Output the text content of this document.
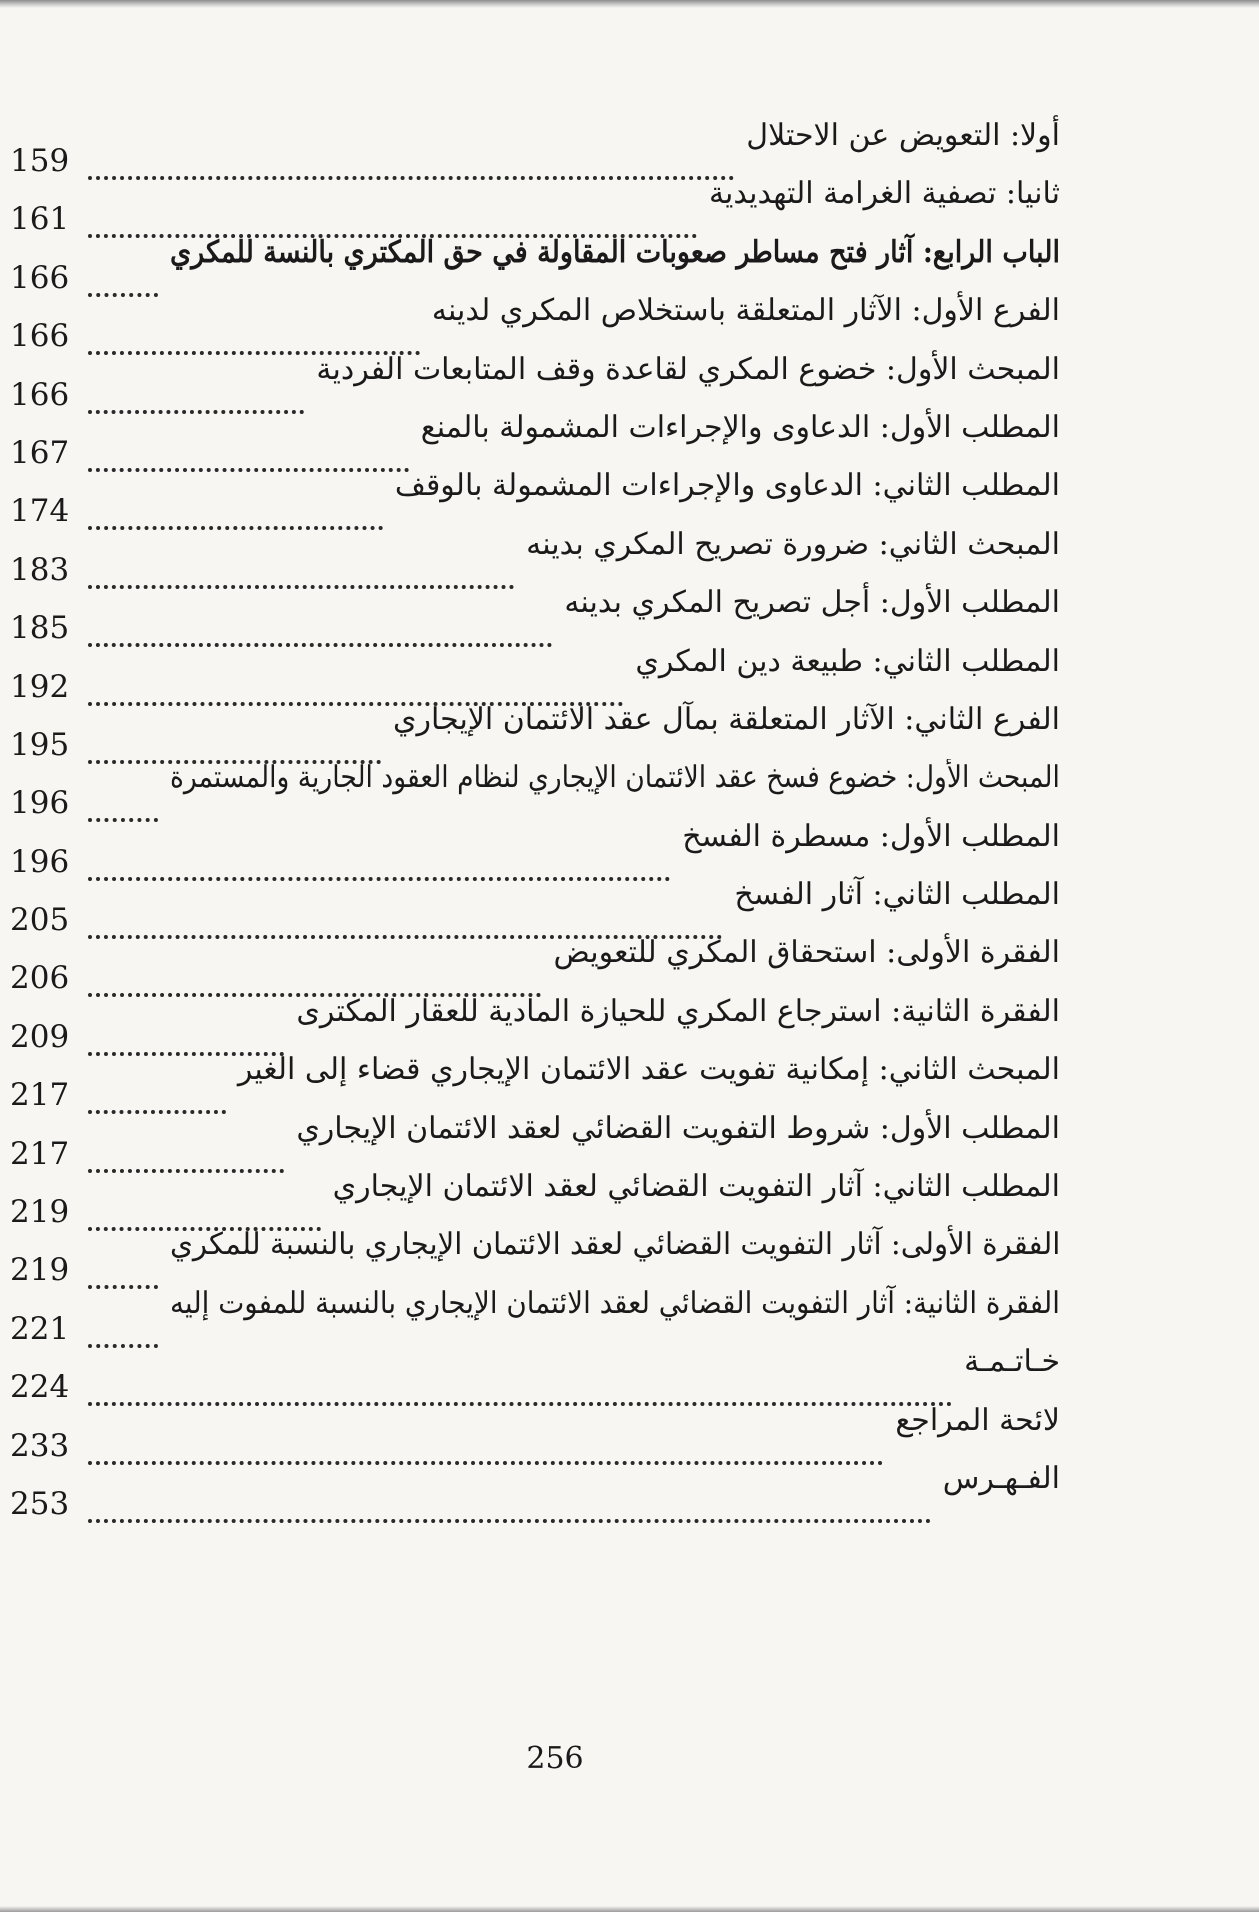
أولا: التعويض عن الاحتلال
159
ثانيا: تصفية الغرامة التهديدية
161
الباب الرابع: آثار فتح مساطر صعوبات المقاولة في حق المكتري بالنسة للمكري
166
الفرع الأول: الآثار المتعلقة باستخلاص المكري لدينه
166
المبحث الأول: خضوع المكري لقاعدة وقف المتابعات الفردية
166
المطلب الأول: الدعاوى والإجراءات المشمولة بالمنع
167
المطلب الثاني: الدعاوى والإجراءات المشمولة بالوقف
174
المبحث الثاني: ضرورة تصريح المكري بدينه
183
المطلب الأول: أجل تصريح المكري بدينه
185
المطلب الثاني: طبيعة دين المكري
192
الفرع الثاني: الآثار المتعلقة بمآل عقد الائتمان الإيجاري
195
المبحث الأول: خضوع فسخ عقد الائتمان الإيجاري لنظام العقود الجارية والمستمرة
196
المطلب الأول: مسطرة الفسخ
196
المطلب الثاني: آثار الفسخ
205
الفقرة الأولى: استحقاق المكري للتعويض
206
الفقرة الثانية: استرجاع المكري للحيازة المادية للعقار المكترى
209
المبحث الثاني: إمكانية تفويت عقد الائتمان الإيجاري قضاء إلى الغير
217
المطلب الأول: شروط التفويت القضائي لعقد الائتمان الإيجاري
217
المطلب الثاني: آثار التفويت القضائي لعقد الائتمان الإيجاري
219
الفقرة الأولى: آثار التفويت القضائي لعقد الائتمان الإيجاري بالنسبة للمكري
219
الفقرة الثانية: آثار التفويت القضائي لعقد الائتمان الإيجاري بالنسبة للمفوت إليه
221
خـاتـمـة
224
لائحة المراجع
233
الفـهـرس
253
256
